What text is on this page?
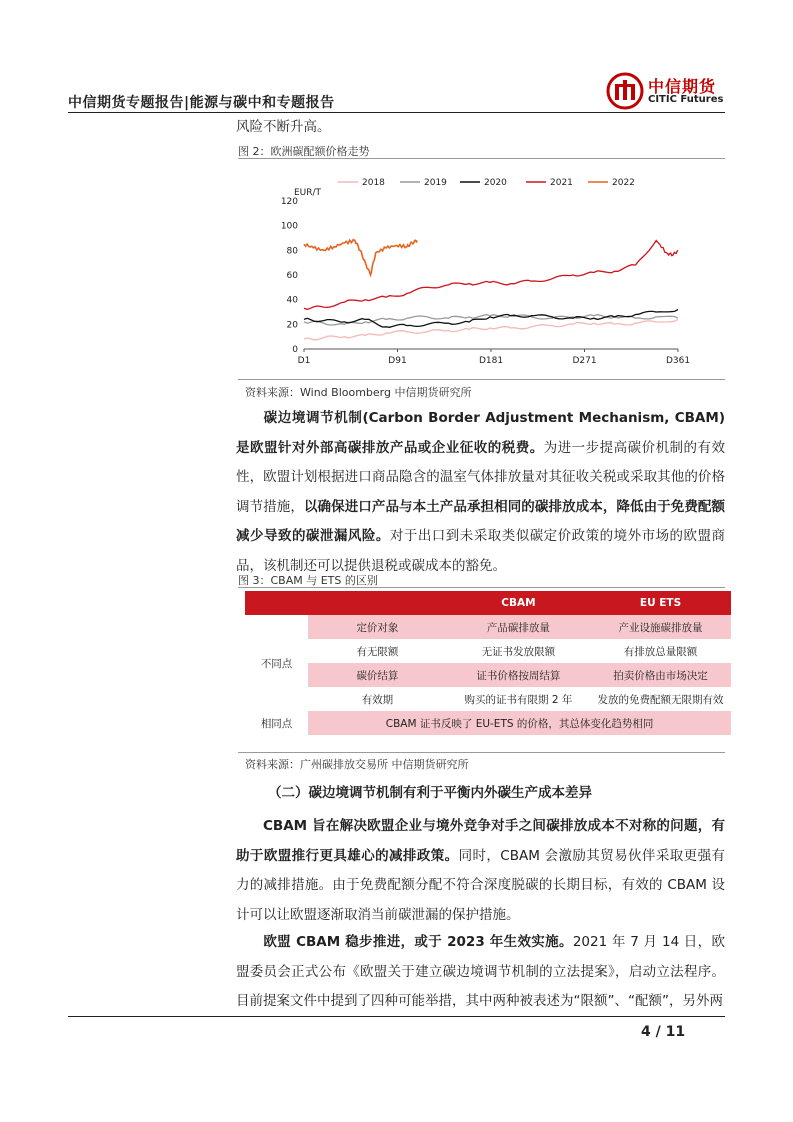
中信期货专题报告|能源与碳中和专题报告
中信期货
CITIC Futures
风险不断升高。
图 2：欧洲碳配额价格走势
2018	2019	2020	2021	2022
EUR/T
0
20
40
60
80
100
120
D1	D91	D181	D271	D361
资料来源：Wind Bloomberg 中信期货研究所
碳边境调节机制(Carbon Border Adjustment Mechanism, CBAM)是欧盟针对外部高碳排放产品或企业征收的税费。为进一步提高碳价机制的有效性，欧盟计划根据进口商品隐含的温室气体排放量对其征收关税或采取其他的价格调节措施，以确保进口产品与本土产品承担相同的碳排放成本，降低由于免费配额减少导致的碳泄漏风险。对于出口到未采取类似碳定价政策的境外市场的欧盟商品，该机制还可以提供退税或碳成本的豁免。
图 3：CBAM 与 ETS 的区别
		CBAM	EU ETS
不同点	定价对象	产品碳排放量	产业设施碳排放量
	有无限额	无证书发放限额	有排放总量限额
	碳价结算	证书价格按周结算	拍卖价格由市场决定
	有效期	购买的证书有限期 2 年	发放的免费配额无限期有效
相同点	CBAM 证书反映了 EU-ETS 的价格，其总体变化趋势相同		
资料来源：广州碳排放交易所 中信期货研究所
（二）碳边境调节机制有利于平衡内外碳生产成本差异
CBAM 旨在解决欧盟企业与境外竞争对手之间碳排放成本不对称的问题，有助于欧盟推行更具雄心的减排政策。同时，CBAM 会激励其贸易伙伴采取更强有力的减排措施。由于免费配额分配不符合深度脱碳的长期目标，有效的 CBAM 设计可以让欧盟逐渐取消当前碳泄漏的保护措施。
欧盟 CBAM 稳步推进，或于 2023 年生效实施。2021 年 7 月 14 日，欧盟委员会正式公布《欧盟关于建立碳边境调节机制的立法提案》，启动立法程序。目前提案文件中提到了四种可能举措，其中两种被表述为“限额”、“配额”，另外两
4 / 11
